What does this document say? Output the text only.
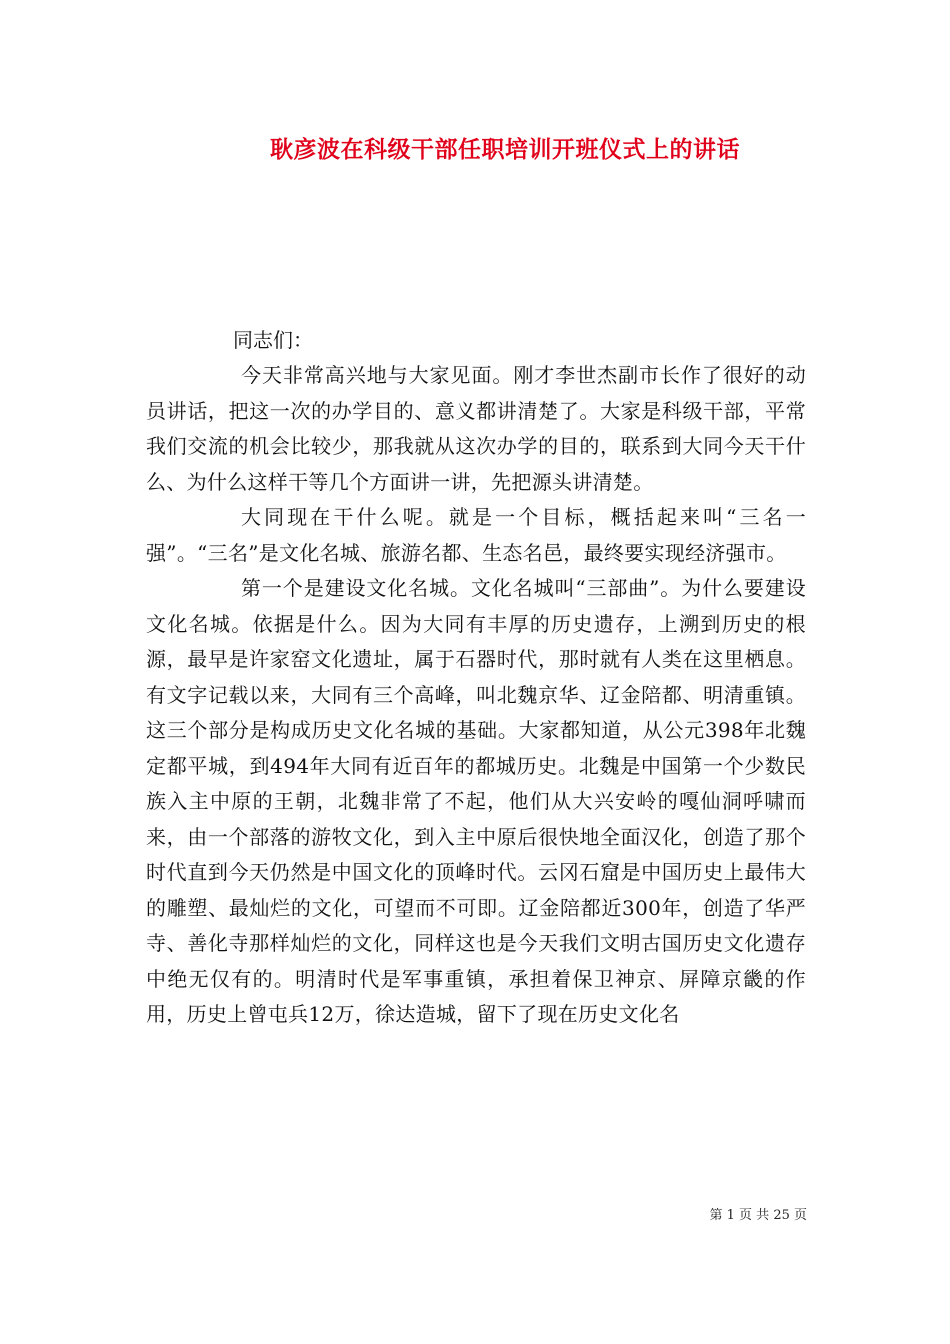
耿彦波在科级干部任职培训开班仪式上的讲话

同志们：

今天非常高兴地与大家见面。刚才李世杰副市长作了很好的动员讲话，把这一次的办学目的、意义都讲清楚了。大家是科级干部，平常我们交流的机会比较少，那我就从这次办学的目的，联系到大同今天干什么、为什么这样干等几个方面讲一讲，先把源头讲清楚。

大同现在干什么呢。就是一个目标，概括起来叫“三名一强”。“三名”是文化名城、旅游名都、生态名邑，最终要实现经济强市。

第一个是建设文化名城。文化名城叫“三部曲”。为什么要建设文化名城。依据是什么。因为大同有丰厚的历史遗存，上溯到历史的根源，最早是许家窑文化遗址，属于石器时代，那时就有人类在这里栖息。有文字记载以来，大同有三个高峰，叫北魏京华、辽金陪都、明清重镇。这三个部分是构成历史文化名城的基础。大家都知道，从公元398年北魏定都平城，到494年大同有近百年的都城历史。北魏是中国第一个少数民族入主中原的王朝，北魏非常了不起，他们从大兴安岭的嘎仙洞呼啸而来，由一个部落的游牧文化，到入主中原后很快地全面汉化，创造了那个时代直到今天仍然是中国文化的顶峰时代。云冈石窟是中国历史上最伟大的雕塑、最灿烂的文化，可望而不可即。辽金陪都近300年，创造了华严寺、善化寺那样灿烂的文化，同样这也是今天我们文明古国历史文化遗存中绝无仅有的。明清时代是军事重镇，承担着保卫神京、屏障京畿的作用，历史上曾屯兵12万，徐达造城，留下了现在历史文化名

第 1 页 共 25 页
